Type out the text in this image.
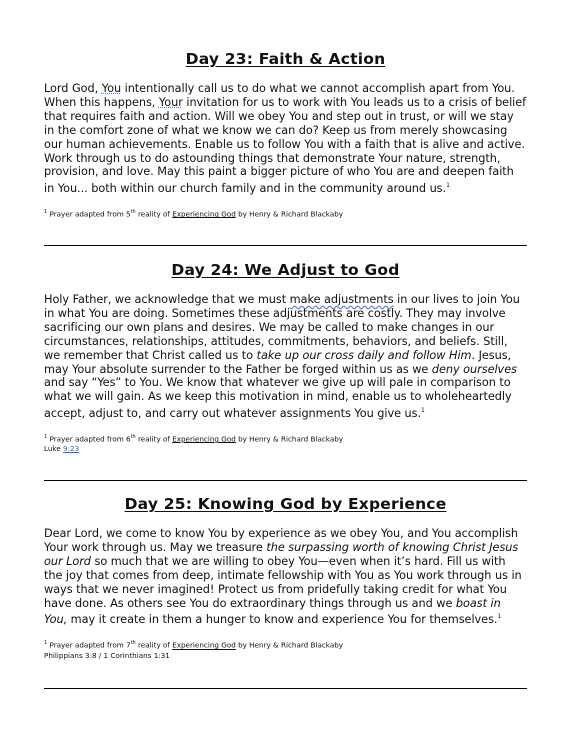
Day 23: Faith & Action

Lord God, You intentionally call us to do what we cannot accomplish apart from You. When this happens, Your invitation for us to work with You leads us to a crisis of belief that requires faith and action. Will we obey You and step out in trust, or will we stay in the comfort zone of what we know we can do? Keep us from merely showcasing our human achievements. Enable us to follow You with a faith that is alive and active. Work through us to do astounding things that demonstrate Your nature, strength, provision, and love. May this paint a bigger picture of who You are and deepen faith in You... both within our church family and in the community around us.$^1$

$^1$ Prayer adapted from 5th reality of Experiencing God by Henry & Richard Blackaby

Day 24: We Adjust to God

Holy Father, we acknowledge that we must make adjustments in our lives to join You in what You are doing. Sometimes these adjustments are costly. They may involve sacrificing our own plans and desires. We may be called to make changes in our circumstances, relationships, attitudes, commitments, behaviors, and beliefs. Still, we remember that Christ called us to take up our cross daily and follow Him. Jesus, may Your absolute surrender to the Father be forged within us as we deny ourselves and say “Yes” to You. We know that whatever we give up will pale in comparison to what we will gain. As we keep this motivation in mind, enable us to wholeheartedly accept, adjust to, and carry out whatever assignments You give us.$^1$

$^1$ Prayer adapted from 6th reality of Experiencing God by Henry & Richard Blackaby
Luke 9:23

Day 25: Knowing God by Experience

Dear Lord, we come to know You by experience as we obey You, and You accomplish Your work through us. May we treasure the surpassing worth of knowing Christ Jesus our Lord so much that we are willing to obey You—even when it’s hard. Fill us with the joy that comes from deep, intimate fellowship with You as You work through us in ways that we never imagined! Protect us from pridefully taking credit for what You have done. As others see You do extraordinary things through us and we boast in You, may it create in them a hunger to know and experience You for themselves.$^1$

$^1$ Prayer adapted from 7th reality of Experiencing God by Henry & Richard Blackaby
Philippians 3:8 / 1 Corinthians 1:31
